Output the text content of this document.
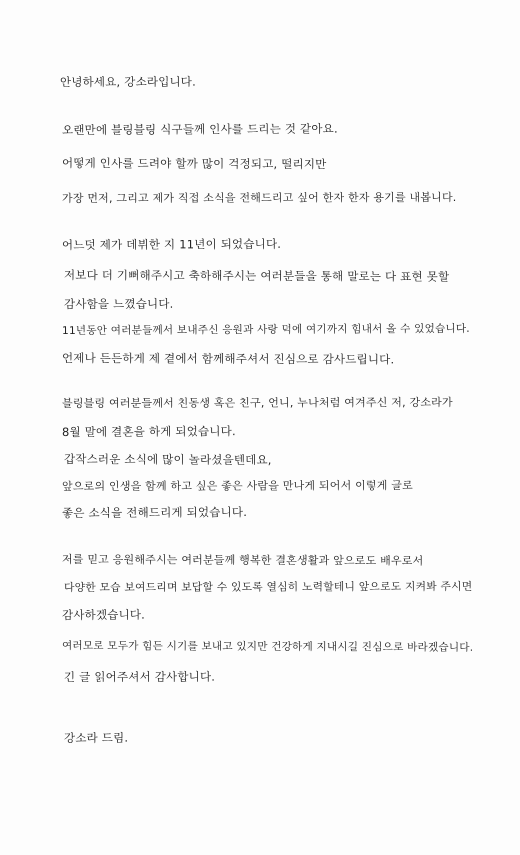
안녕하세요, 강소라입니다.
오랜만에 블링블링 식구들께 인사를 드리는 것 같아요.
어떻게 인사를 드려야 할까 많이 걱정되고, 떨리지만
가장 먼저, 그리고 제가 직접 소식을 전해드리고 싶어 한자 한자 용기를 내봅니다.
어느덧 제가 데뷔한 지 11년이 되었습니다.
저보다 더 기뻐해주시고 축하해주시는 여러분들을 통해 말로는 다 표현 못할
감사함을 느꼈습니다.
11년동안 여러분들께서 보내주신 응원과 사랑 덕에 여기까지 힘내서 올 수 있었습니다.
언제나 든든하게 제 곁에서 함께해주셔서 진심으로 감사드립니다.
블링블링 여러분들께서 친동생 혹은 친구, 언니, 누나처럼 여겨주신 저, 강소라가
8월 말에 결혼을 하게 되었습니다.
갑작스러운 소식에 많이 놀라셨을텐데요,
앞으로의 인생을 함께 하고 싶은 좋은 사람을 만나게 되어서 이렇게 글로
좋은 소식을 전해드리게 되었습니다.
저를 믿고 응원해주시는 여러분들께 행복한 결혼생활과 앞으로도 배우로서
다양한 모습 보여드리며 보답할 수 있도록 열심히 노력할테니 앞으로도 지켜봐 주시면
감사하겠습니다.
여러모로 모두가 힘든 시기를 보내고 있지만 건강하게 지내시길 진심으로 바라겠습니다.
긴 글 읽어주셔서 감사합니다.
강소라 드림.
